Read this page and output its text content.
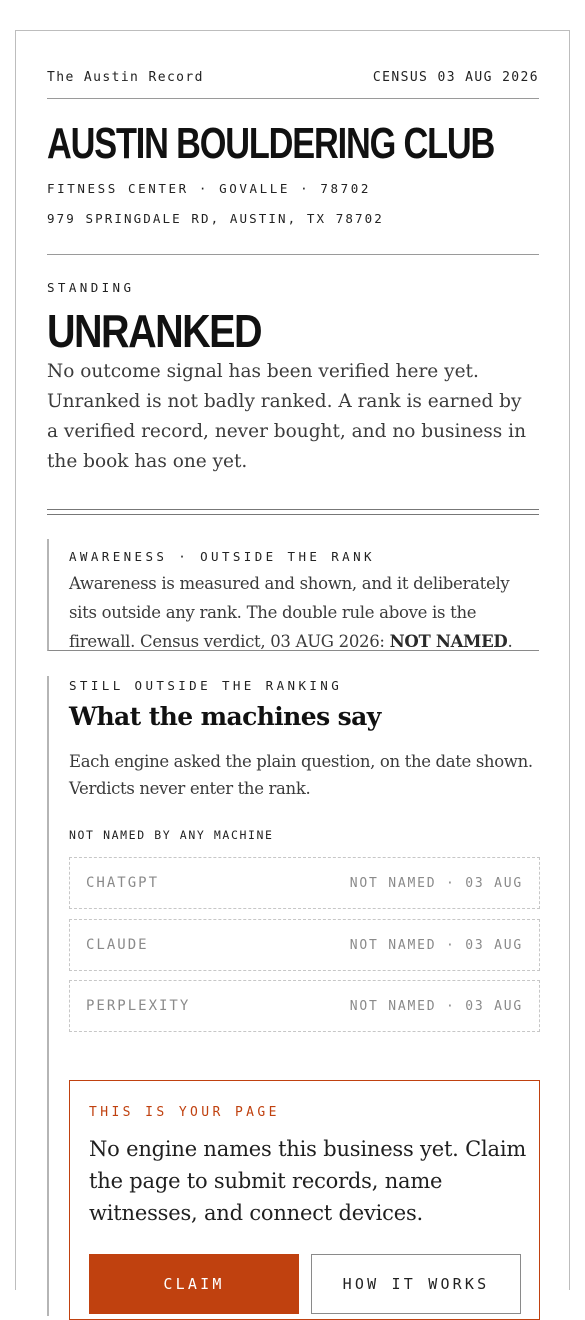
The Austin Record	CENSUS 03 AUG 2026
AUSTIN BOULDERING CLUB
FITNESS CENTER · GOVALLE · 78702
979 SPRINGDALE RD, AUSTIN, TX 78702
STANDING
UNRANKED
No outcome signal has been verified here yet. Unranked is not badly ranked. A rank is earned by a verified record, never bought, and no business in the book has one yet.
AWARENESS · OUTSIDE THE RANK
Awareness is measured and shown, and it deliberately sits outside any rank. The double rule above is the firewall. Census verdict, 03 AUG 2026: NOT NAMED.
STILL OUTSIDE THE RANKING
What the machines say
Each engine asked the plain question, on the date shown. Verdicts never enter the rank.
NOT NAMED BY ANY MACHINE
CHATGPT	NOT NAMED · 03 AUG
CLAUDE	NOT NAMED · 03 AUG
PERPLEXITY	NOT NAMED · 03 AUG
THIS IS YOUR PAGE
No engine names this business yet. Claim the page to submit records, name witnesses, and connect devices.
CLAIM	HOW IT WORKS
